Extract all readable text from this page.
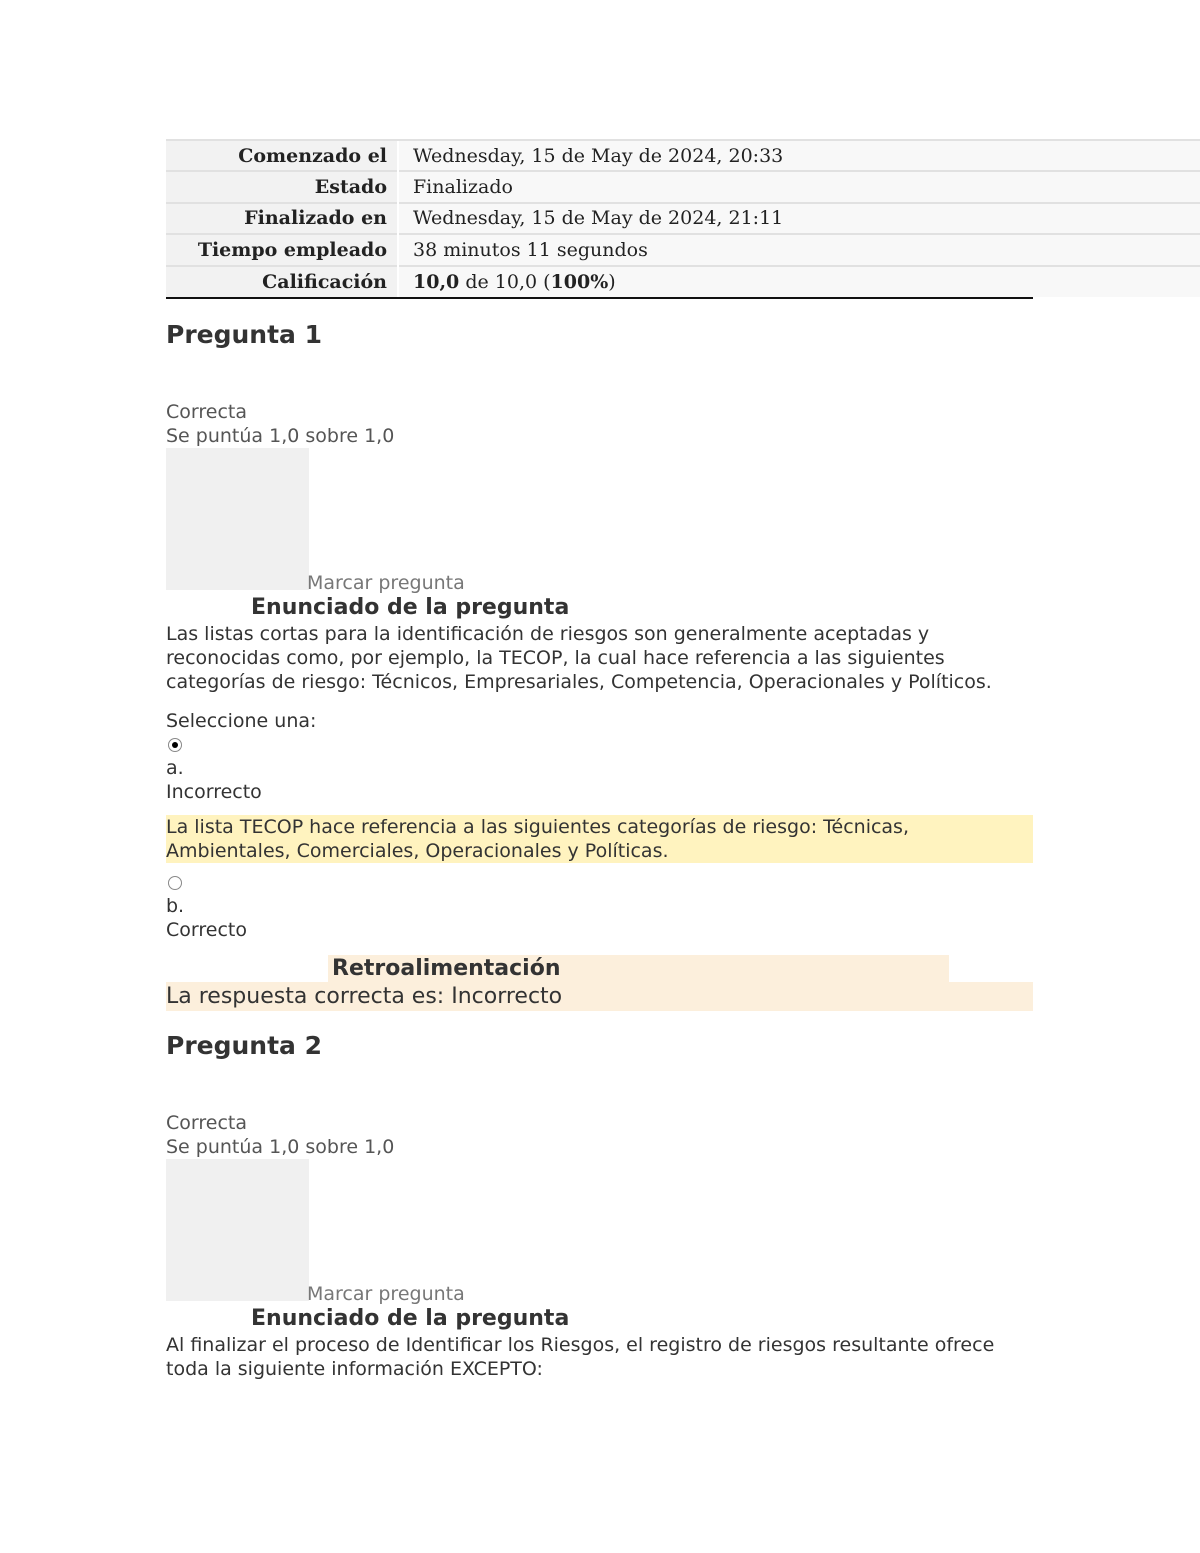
Comenzado el	Wednesday, 15 de May de 2024, 20:33
Estado	Finalizado
Finalizado en	Wednesday, 15 de May de 2024, 21:11
Tiempo empleado	38 minutos 11 segundos
Calificación	10,0 de 10,0 (100%)
Pregunta 1

Correcta

Se puntúa 1,0 sobre 1,0

Marcar pregunta
Enunciado de la pregunta

Las listas cortas para la identificación de riesgos son generalmente aceptadas y reconocidas como, por ejemplo, la TECOP, la cual hace referencia a las siguientes categorías de riesgo: Técnicos, Empresariales, Competencia, Operacionales y Políticos.

Seleccione una:

a.

Incorrecto

La lista TECOP hace referencia a las siguientes categorías de riesgo: Técnicas, Ambientales, Comerciales, Operacionales y Políticas.

b.

Correcto

Retroalimentación

La respuesta correcta es: Incorrecto

Pregunta 2

Correcta

Se puntúa 1,0 sobre 1,0

Marcar pregunta
Enunciado de la pregunta

Al finalizar el proceso de Identificar los Riesgos, el registro de riesgos resultante ofrece toda la siguiente información EXCEPTO:
